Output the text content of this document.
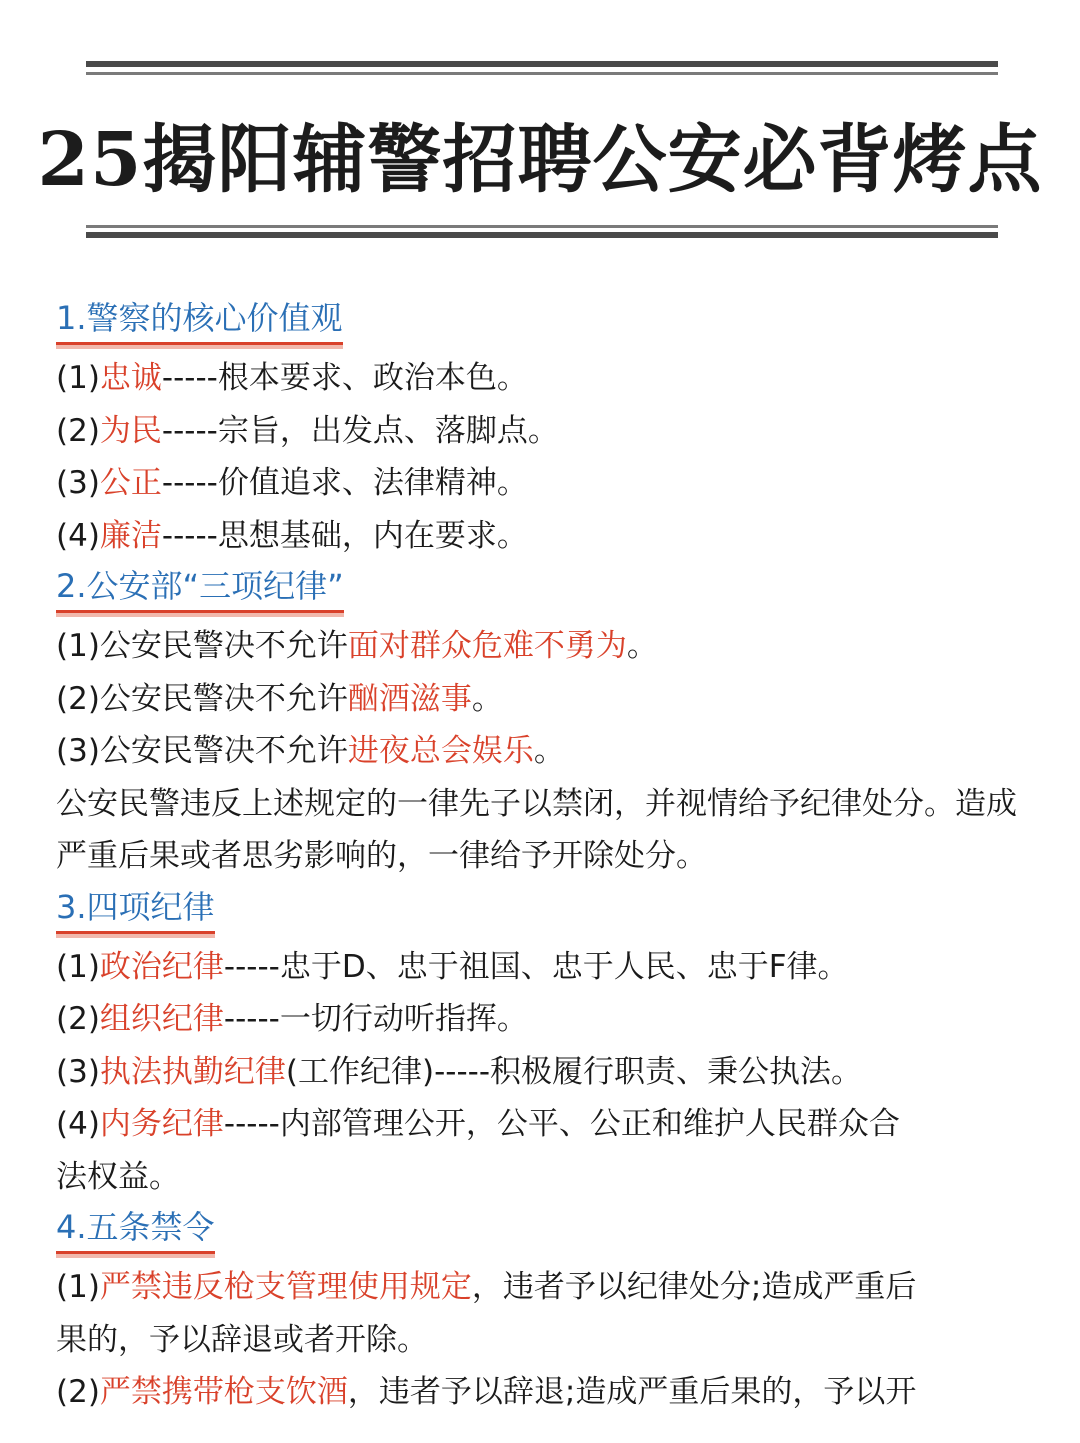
25揭阳辅警招聘公安必背烤点
1.警察的核心价值观
(1)忠诚-----根本要求、政治本色。
(2)为民-----宗旨，出发点、落脚点。
(3)公正-----价值追求、法律精神。
(4)廉洁-----思想基础，内在要求。
2.公安部“三项纪律”
(1)公安民警决不允许面对群众危难不勇为。
(2)公安民警决不允许酗酒滋事。
(3)公安民警决不允许进夜总会娱乐。
公安民警违反上述规定的一律先子以禁闭，并视情给予纪律处分。造成严重后果或者思劣影响的，一律给予开除处分。
3.四项纪律
(1)政治纪律-----忠于D、忠于祖国、忠于人民、忠于F律。
(2)组织纪律-----一切行动听指挥。
(3)执法执勤纪律(工作纪律)-----积极履行职责、秉公执法。
(4)内务纪律-----内部管理公开，公平、公正和维护人民群众合
法权益。
4.五条禁令
(1)严禁违反枪支管理使用规定，违者予以纪律处分;造成严重后
果的，予以辞退或者开除。
(2)严禁携带枪支饮酒，违者予以辞退;造成严重后果的，予以开
